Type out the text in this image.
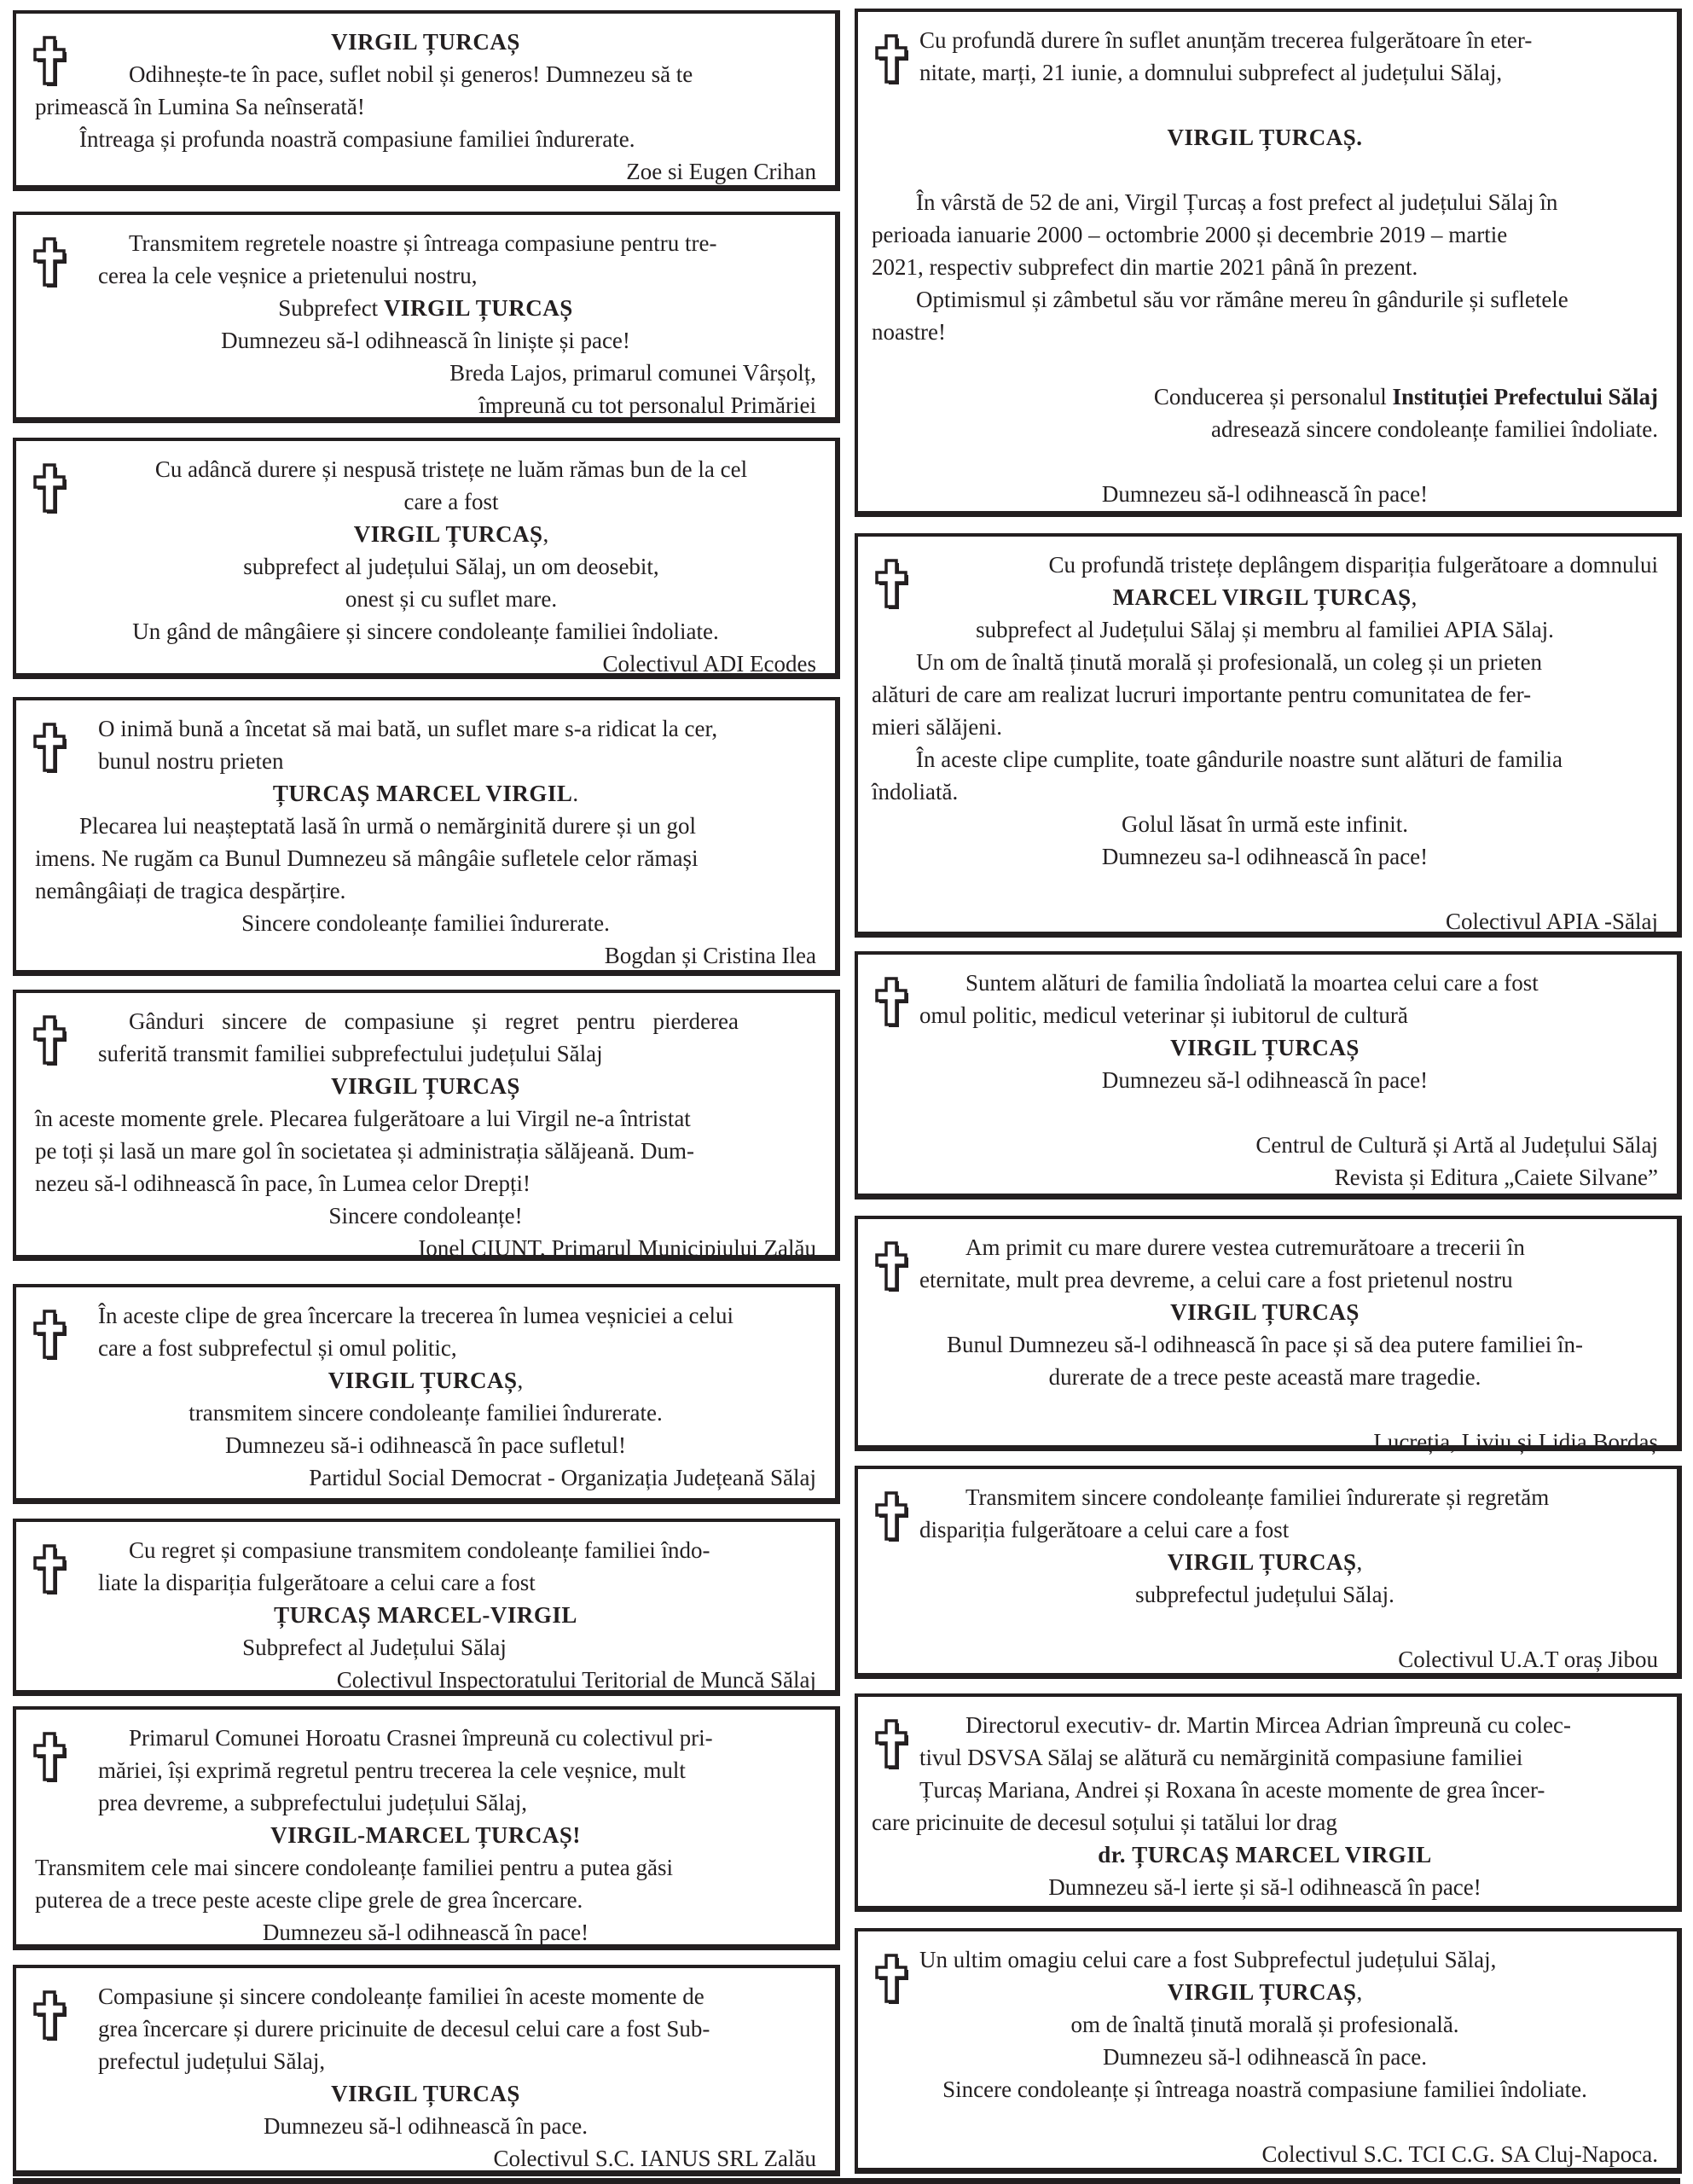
VIRGIL ȚURCAȘ
Odihnește-te în pace, suflet nobil și generos! Dumnezeu să te
primească în Lumina Sa neînserată!
Întreaga și profunda noastră compasiune familiei îndurerate.
Zoe si Eugen Crihan
Transmitem regretele noastre și întreaga compasiune pentru tre-
cerea la cele veșnice a prietenului nostru,
Subprefect VIRGIL ȚURCAȘ
Dumnezeu să-l odihnească în liniște și pace!
Breda Lajos, primarul comunei Vârșolț,
împreună cu tot personalul Primăriei
Cu adâncă durere și nespusă tristețe ne luăm rămas bun de la cel
care a fost
VIRGIL ȚURCAȘ,
subprefect al județului Sălaj, un om deosebit,
onest și cu suflet mare.
Un gând de mângâiere și sincere condoleanțe familiei îndoliate.
Colectivul ADI Ecodes
O inimă bună a încetat să mai bată, un suflet mare s-a ridicat la cer,
bunul nostru prieten
ȚURCAȘ MARCEL VIRGIL.
Plecarea lui neașteptată lasă în urmă o nemărginită durere și un gol
imens. Ne rugăm ca Bunul Dumnezeu să mângâie sufletele celor rămași
nemângâiați de tragica despărțire.
Sincere condoleanțe familiei îndurerate.
Bogdan și Cristina Ilea
Gânduri sincere de compasiune și regret pentru pierderea
suferită transmit familiei subprefectului județului Sălaj
VIRGIL ȚURCAȘ
în aceste momente grele. Plecarea fulgerătoare a lui Virgil ne-a întristat
pe toți și lasă un mare gol în societatea și administrația sălăjeană. Dum-
nezeu să-l odihnească în pace, în Lumea celor Drepți!
Sincere condoleanțe!
Ionel CIUNT, Primarul Municipiului Zalău
În aceste clipe de grea încercare la trecerea în lumea veșniciei a celui
care a fost subprefectul și omul politic,
VIRGIL ȚURCAȘ,
transmitem sincere condoleanțe familiei îndurerate.
Dumnezeu să-i odihnească în pace sufletul!
Partidul Social Democrat - Organizația Județeană Sălaj
Cu regret și compasiune transmitem condoleanțe familiei îndo-
liate la dispariția fulgerătoare a celui care a fost
ȚURCAȘ MARCEL-VIRGIL
Subprefect al Județului Sălaj
Colectivul Inspectoratului Teritorial de Muncă Sălaj
Primarul Comunei Horoatu Crasnei împreună cu colectivul pri-
măriei, își exprimă regretul pentru trecerea la cele veșnice, mult
prea devreme, a subprefectului județului Sălaj,
VIRGIL-MARCEL ȚURCAȘ!
Transmitem cele mai sincere condoleanțe familiei pentru a putea găsi
puterea de a trece peste aceste clipe grele de grea încercare.
Dumnezeu să-l odihnească în pace!
Compasiune și sincere condoleanțe familiei în aceste momente de
grea încercare și durere pricinuite de decesul celui care a fost Sub-
prefectul județului Sălaj,
VIRGIL ȚURCAȘ
Dumnezeu să-l odihnească în pace.
Colectivul S.C. IANUS SRL Zalău
Cu profundă durere în suflet anunțăm trecerea fulgerătoare în eter-
nitate, marți, 21 iunie, a domnului subprefect al județului Sălaj,
VIRGIL ȚURCAȘ.
În vârstă de 52 de ani, Virgil Țurcaș a fost prefect al județului Sălaj în
perioada ianuarie 2000 – octombrie 2000 și decembrie 2019 – martie
2021, respectiv subprefect din martie 2021 până în prezent.
Optimismul și zâmbetul său vor rămâne mereu în gândurile și sufletele
noastre!
Conducerea și personalul Instituției Prefectului Sălaj
adresează sincere condoleanțe familiei îndoliate.
Dumnezeu să-l odihnească în pace!
Cu profundă tristețe deplângem dispariția fulgerătoare a domnului
MARCEL VIRGIL ȚURCAȘ,
subprefect al Județului Sălaj și membru al familiei APIA Sălaj.
Un om de înaltă ținută morală și profesională, un coleg și un prieten
alături de care am realizat lucruri importante pentru comunitatea de fer-
mieri sălăjeni.
În aceste clipe cumplite, toate gândurile noastre sunt alături de familia
îndoliată.
Golul lăsat în urmă este infinit.
Dumnezeu sa-l odihnească în pace!
Colectivul APIA -Sălaj
Suntem alături de familia îndoliată la moartea celui care a fost
omul politic, medicul veterinar și iubitorul de cultură
VIRGIL ȚURCAȘ
Dumnezeu să-l odihnească în pace!
Centrul de Cultură și Artă al Județului Sălaj
Revista și Editura „Caiete Silvane”
Am primit cu mare durere vestea cutremurătoare a trecerii în
eternitate, mult prea devreme, a celui care a fost prietenul nostru
VIRGIL ȚURCAȘ
Bunul Dumnezeu să-l odihnească în pace și să dea putere familiei în-
durerate de a trece peste această mare tragedie.
Lucreția, Liviu și Lidia Bordaș
Transmitem sincere condoleanțe familiei îndurerate și regretăm
dispariția fulgerătoare a celui care a fost
VIRGIL ȚURCAȘ,
subprefectul județului Sălaj.
Colectivul U.A.T oraș Jibou
Directorul executiv- dr. Martin Mircea Adrian împreună cu colec-
tivul DSVSA Sălaj se alătură cu nemărginită compasiune familiei
Țurcaș Mariana, Andrei și Roxana în aceste momente de grea încer-
care pricinuite de decesul soțului și tatălui lor drag
dr. ȚURCAȘ MARCEL VIRGIL
Dumnezeu să-l ierte și să-l odihnească în pace!
Un ultim omagiu celui care a fost Subprefectul județului Sălaj,
VIRGIL ȚURCAȘ,
om de înaltă ținută morală și profesională.
Dumnezeu să-l odihnească în pace.
Sincere condoleanțe și întreaga noastră compasiune familiei îndoliate.
Colectivul S.C. TCI C.G. SA Cluj-Napoca.
